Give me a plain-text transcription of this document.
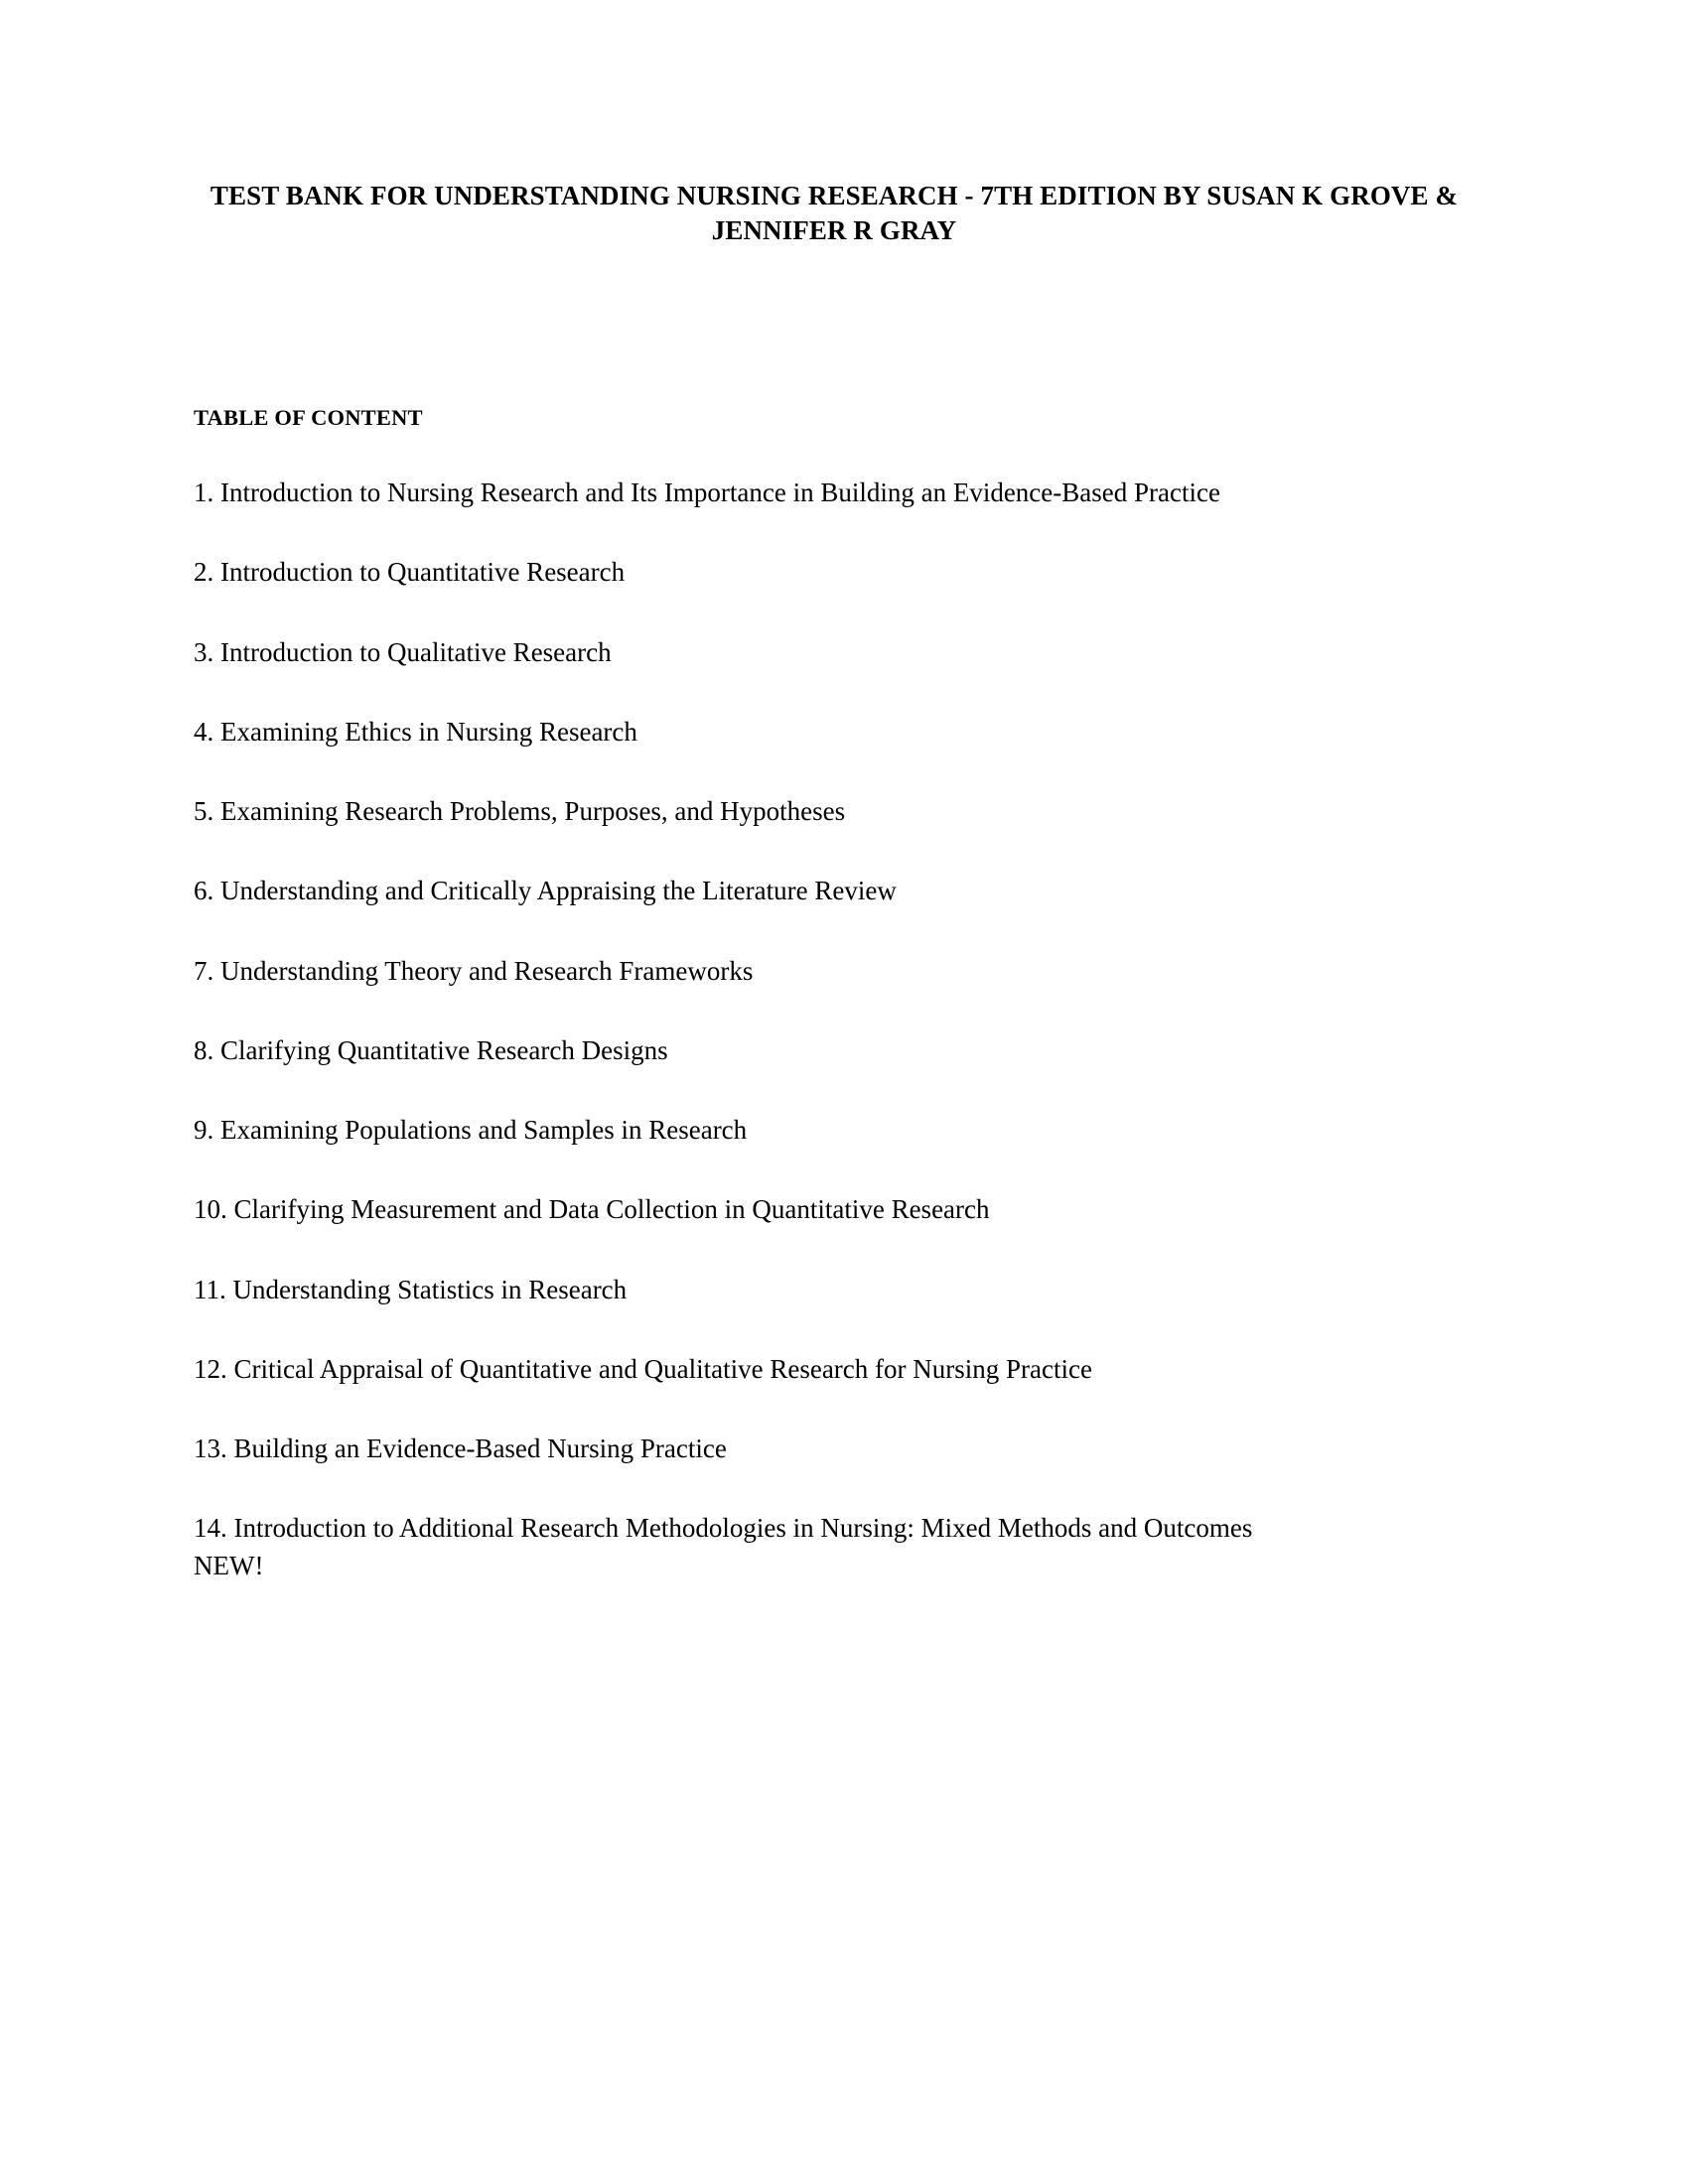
TEST BANK FOR UNDERSTANDING NURSING RESEARCH - 7TH EDITION BY SUSAN K GROVE & JENNIFER R GRAY
TABLE OF CONTENT
1. Introduction to Nursing Research and Its Importance in Building an Evidence-Based Practice
2. Introduction to Quantitative Research
3. Introduction to Qualitative Research
4. Examining Ethics in Nursing Research
5. Examining Research Problems, Purposes, and Hypotheses
6. Understanding and Critically Appraising the Literature Review
7. Understanding Theory and Research Frameworks
8. Clarifying Quantitative Research Designs
9. Examining Populations and Samples in Research
10. Clarifying Measurement and Data Collection in Quantitative Research
11. Understanding Statistics in Research
12. Critical Appraisal of Quantitative and Qualitative Research for Nursing Practice
13. Building an Evidence-Based Nursing Practice
14. Introduction to Additional Research Methodologies in Nursing: Mixed Methods and Outcomes
NEW!
